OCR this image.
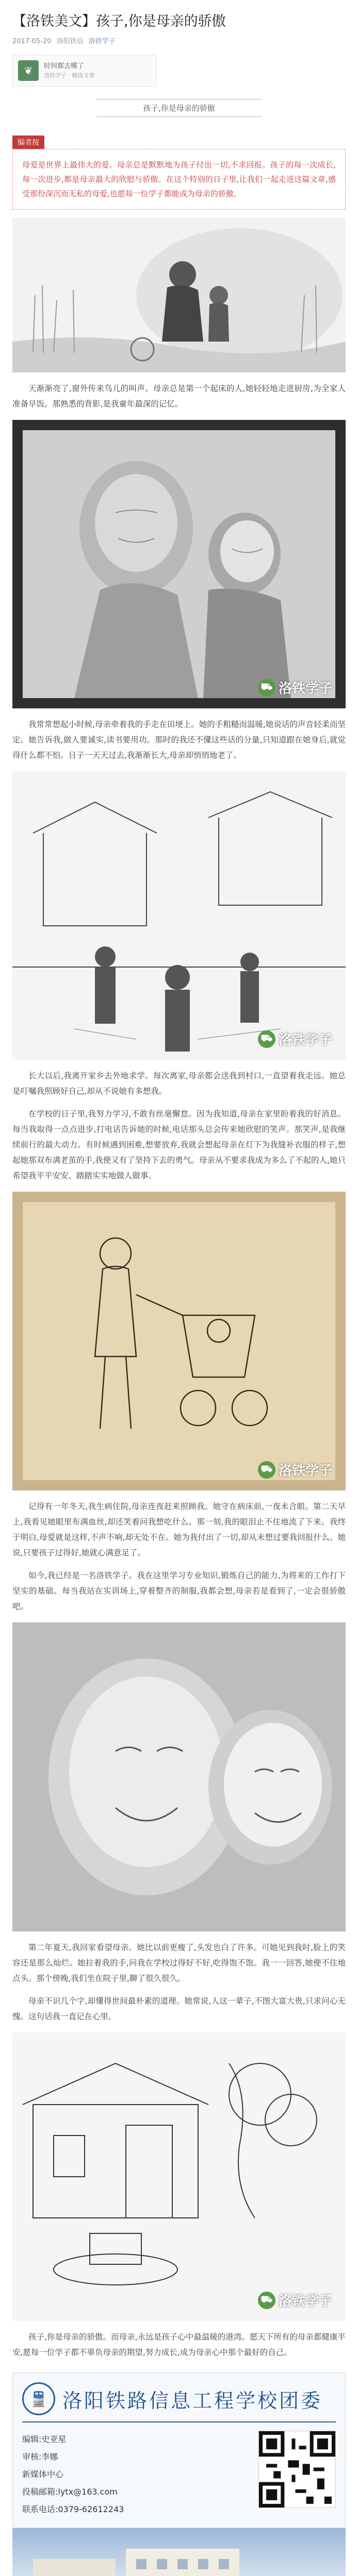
【洛铁美文】孩子,你是母亲的骄傲
2017-05-20 洛阳铁信 洛铁学子
❦	时间都去哪了
洛铁学子 · 精选文章
孩子,你是母亲的骄傲
编者按
母爱是世界上最伟大的爱。母亲总是默默地为孩子付出一切,不求回报。孩子的每一次成长,每一次进步,都是母亲最大的欣慰与骄傲。在这个特别的日子里,让我们一起走进这篇文章,感受那份深沉而无私的母爱,也愿每一位学子都能成为母亲的骄傲。

天渐渐亮了,窗外传来鸟儿的叫声。母亲总是第一个起床的人,她轻轻地走进厨房,为全家人准备早饭。那熟悉的背影,是我童年最深的记忆。

⛟ 洛铁学子

我常常想起小时候,母亲牵着我的手走在田埂上。她的手粗糙而温暖,她说话的声音轻柔而坚定。她告诉我,做人要诚实,读书要用功。那时的我还不懂这些话的分量,只知道跟在她身后,就觉得什么都不怕。日子一天天过去,我渐渐长大,母亲却悄悄地老了。

⛟ 洛铁学子

长大以后,我离开家乡去外地求学。每次离家,母亲都会送我到村口,一直望着我走远。她总是叮嘱我照顾好自己,却从不说她有多想我。

在学校的日子里,我努力学习,不敢有丝毫懈怠。因为我知道,母亲在家里盼着我的好消息。每当我取得一点点进步,打电话告诉她的时候,电话那头总会传来她欣慰的笑声。那笑声,是我继续前行的最大动力。有时候遇到困难,想要放弃,我就会想起母亲在灯下为我缝补衣服的样子,想起她那双布满老茧的手,我便又有了坚持下去的勇气。母亲从不要求我成为多么了不起的人,她只希望我平平安安、踏踏实实地做人做事。

⛟ 洛铁学子

记得有一年冬天,我生病住院,母亲连夜赶来照顾我。她守在病床前,一夜未合眼。第二天早上,我看见她眼里布满血丝,却还笑着问我想吃什么。那一刻,我的眼泪止不住地流了下来。我终于明白,母爱就是这样,不声不响,却无处不在。她为我付出了一切,却从未想过要我回报什么。她说,只要孩子过得好,她就心满意足了。

如今,我已经是一名洛铁学子。我在这里学习专业知识,锻炼自己的能力,为将来的工作打下坚实的基础。每当我站在实训场上,穿着整齐的制服,我都会想,母亲若是看到了,一定会很骄傲吧。

第二年夏天,我回家看望母亲。她比以前更瘦了,头发也白了许多。可她见到我时,脸上的笑容还是那么灿烂。她拉着我的手,问我在学校过得好不好,吃得饱不饱。我一一回答,她便不住地点头。那个傍晚,我们坐在院子里,聊了很久很久。

母亲不识几个字,却懂得世间最朴素的道理。她常说,人这一辈子,不图大富大贵,只求问心无愧。这句话我一直记在心里。

⛟ 洛铁学子

孩子,你是母亲的骄傲。而母亲,永远是孩子心中最温暖的港湾。愿天下所有的母亲都健康平安,愿每一位学子都不辜负母亲的期望,努力成长,成为母亲心中那个最好的自己。

🚆 洛阳铁路信息工程学校团委
编辑:史亚星
审核:李娜
新媒体中心
投稿邮箱:lytx@163.com
联系电话:0379-62612243
